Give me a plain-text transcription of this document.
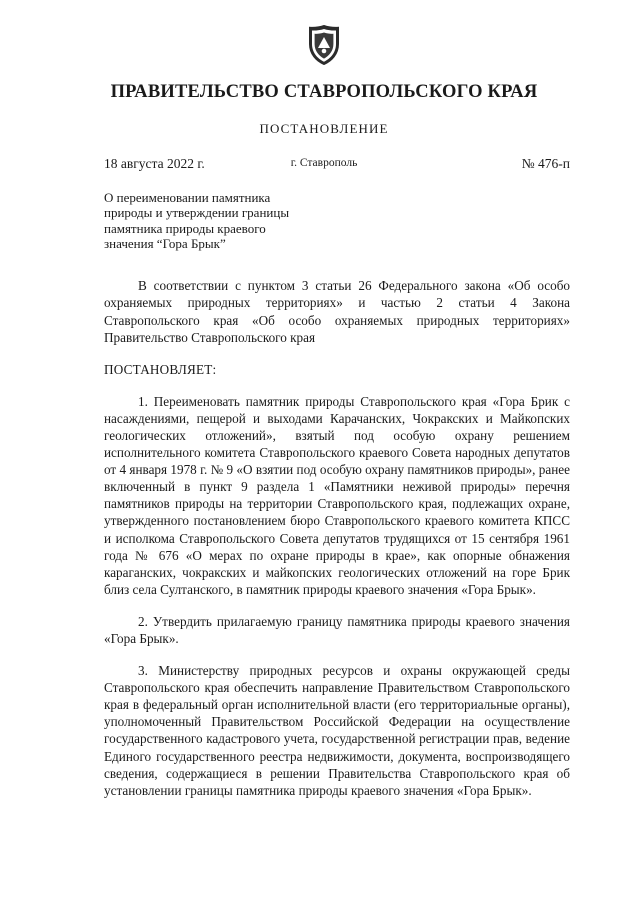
ПРАВИТЕЛЬСТВО СТАВРОПОЛЬСКОГО КРАЯ
ПОСТАНОВЛЕНИЕ
г. Ставрополь
18 августа 2022 г.	№ 476-п
О переименовании памятника
природы и утверждении границы
памятника природы краевого
значения “Гора Брык”

В соответствии с пунктом 3 статьи 26 Федерального закона «Об особо охраняемых природных территориях» и частью 2 статьи 4 Закона Ставропольского края «Об особо охраняемых природных территориях» Правительство Ставропольского края

ПОСТАНОВЛЯЕТ:

1. Переименовать памятник природы Ставропольского края «Гора Брик с насаждениями, пещерой и выходами Карачанских, Чокракских и Майкопских геологических отложений», взятый под особую охрану решением исполнительного комитета Ставропольского краевого Совета народных депутатов от 4 января 1978 г. № 9 «О взятии под особую охрану памятников природы», ранее включенный в пункт 9 раздела 1 «Памятники неживой природы» перечня памятников природы на территории Ставропольского края, подлежащих охране, утвержденного постановлением бюро Ставропольского краевого комитета КПСС и исполкома Ставропольского Совета депутатов трудящихся от 15 сентября 1961 года № 676 «О мерах по охране природы в крае», как опорные обнажения караганских, чокракских и майкопских геологических отложений на горе Брик близ села Султанского, в памятник природы краевого значения «Гора Брык».

2. Утвердить прилагаемую границу памятника природы краевого значения «Гора Брык».

3. Министерству природных ресурсов и охраны окружающей среды Ставропольского края обеспечить направление Правительством Ставропольского края в федеральный орган исполнительной власти (его территориальные органы), уполномоченный Правительством Российской Федерации на осуществление государственного кадастрового учета, государственной регистрации прав, ведение Единого государственного реестра недвижимости, документа, воспроизводящего сведения, содержащиеся в решении Правительства Ставропольского края об установлении границы памятника природы краевого значения «Гора Брык».
